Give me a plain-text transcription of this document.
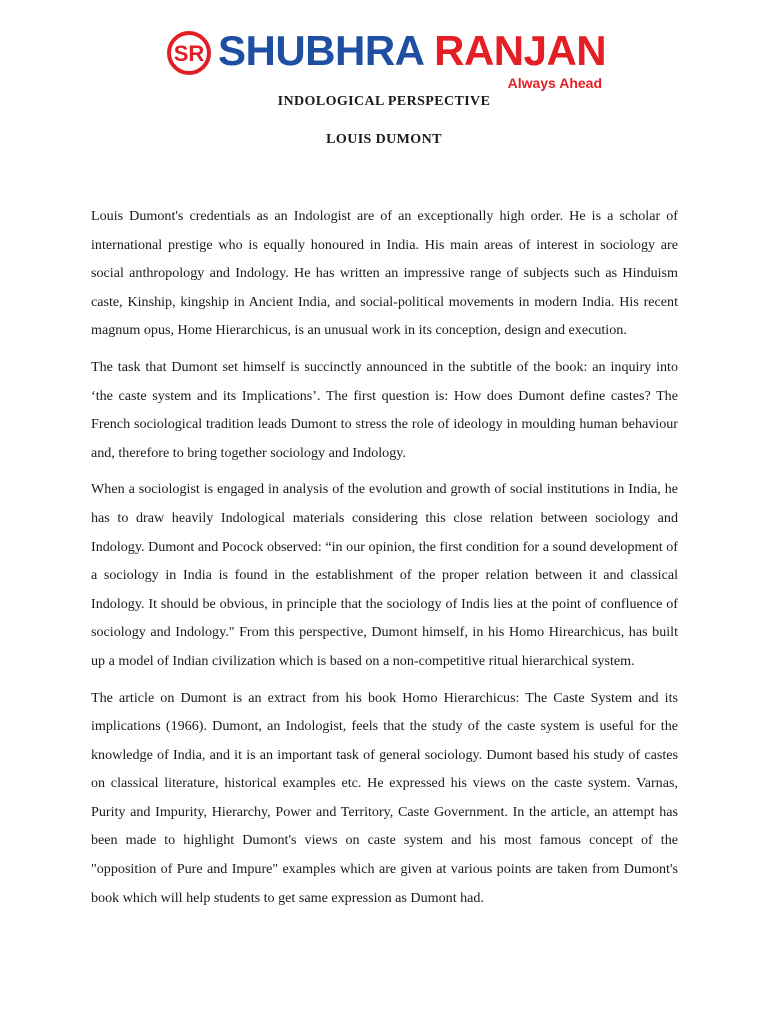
SR SHUBHRA RANJAN
Always Ahead
INDOLOGICAL PERSPECTIVE
LOUIS DUMONT

Louis Dumont's credentials as an Indologist are of an exceptionally high order. He is a scholar of international prestige who is equally honoured in India. His main areas of interest in sociology are social anthropology and Indology. He has written an impressive range of subjects such as Hinduism caste, Kinship, kingship in Ancient India, and social-political movements in modern India. His recent magnum opus, Home Hierarchicus, is an unusual work in its conception, design and execution.

The task that Dumont set himself is succinctly announced in the subtitle of the book: an inquiry into ‘the caste system and its Implications’. The first question is: How does Dumont define castes? The French sociological tradition leads Dumont to stress the role of ideology in moulding human behaviour and, therefore to bring together sociology and Indology.

When a sociologist is engaged in analysis of the evolution and growth of social institutions in India, he has to draw heavily Indological materials considering this close relation between sociology and Indology. Dumont and Pocock observed: “in our opinion, the first condition for a sound development of a sociology in India is found in the establishment of the proper relation between it and classical Indology. It should be obvious, in principle that the sociology of Indis lies at the point of confluence of sociology and Indology." From this perspective, Dumont himself, in his Homo Hirearchicus, has built up a model of Indian civilization which is based on a non-competitive ritual hierarchical system.

The article on Dumont is an extract from his book Homo Hierarchicus: The Caste System and its implications (1966). Dumont, an Indologist, feels that the study of the caste system is useful for the knowledge of India, and it is an important task of general sociology. Dumont based his study of castes on classical literature, historical examples etc. He expressed his views on the caste system. Varnas, Purity and Impurity, Hierarchy, Power and Territory, Caste Government. In the article, an attempt has been made to highlight Dumont's views on caste system and his most famous concept of the "opposition of Pure and Impure" examples which are given at various points are taken from Dumont's book which will help students to get same expression as Dumont had.
